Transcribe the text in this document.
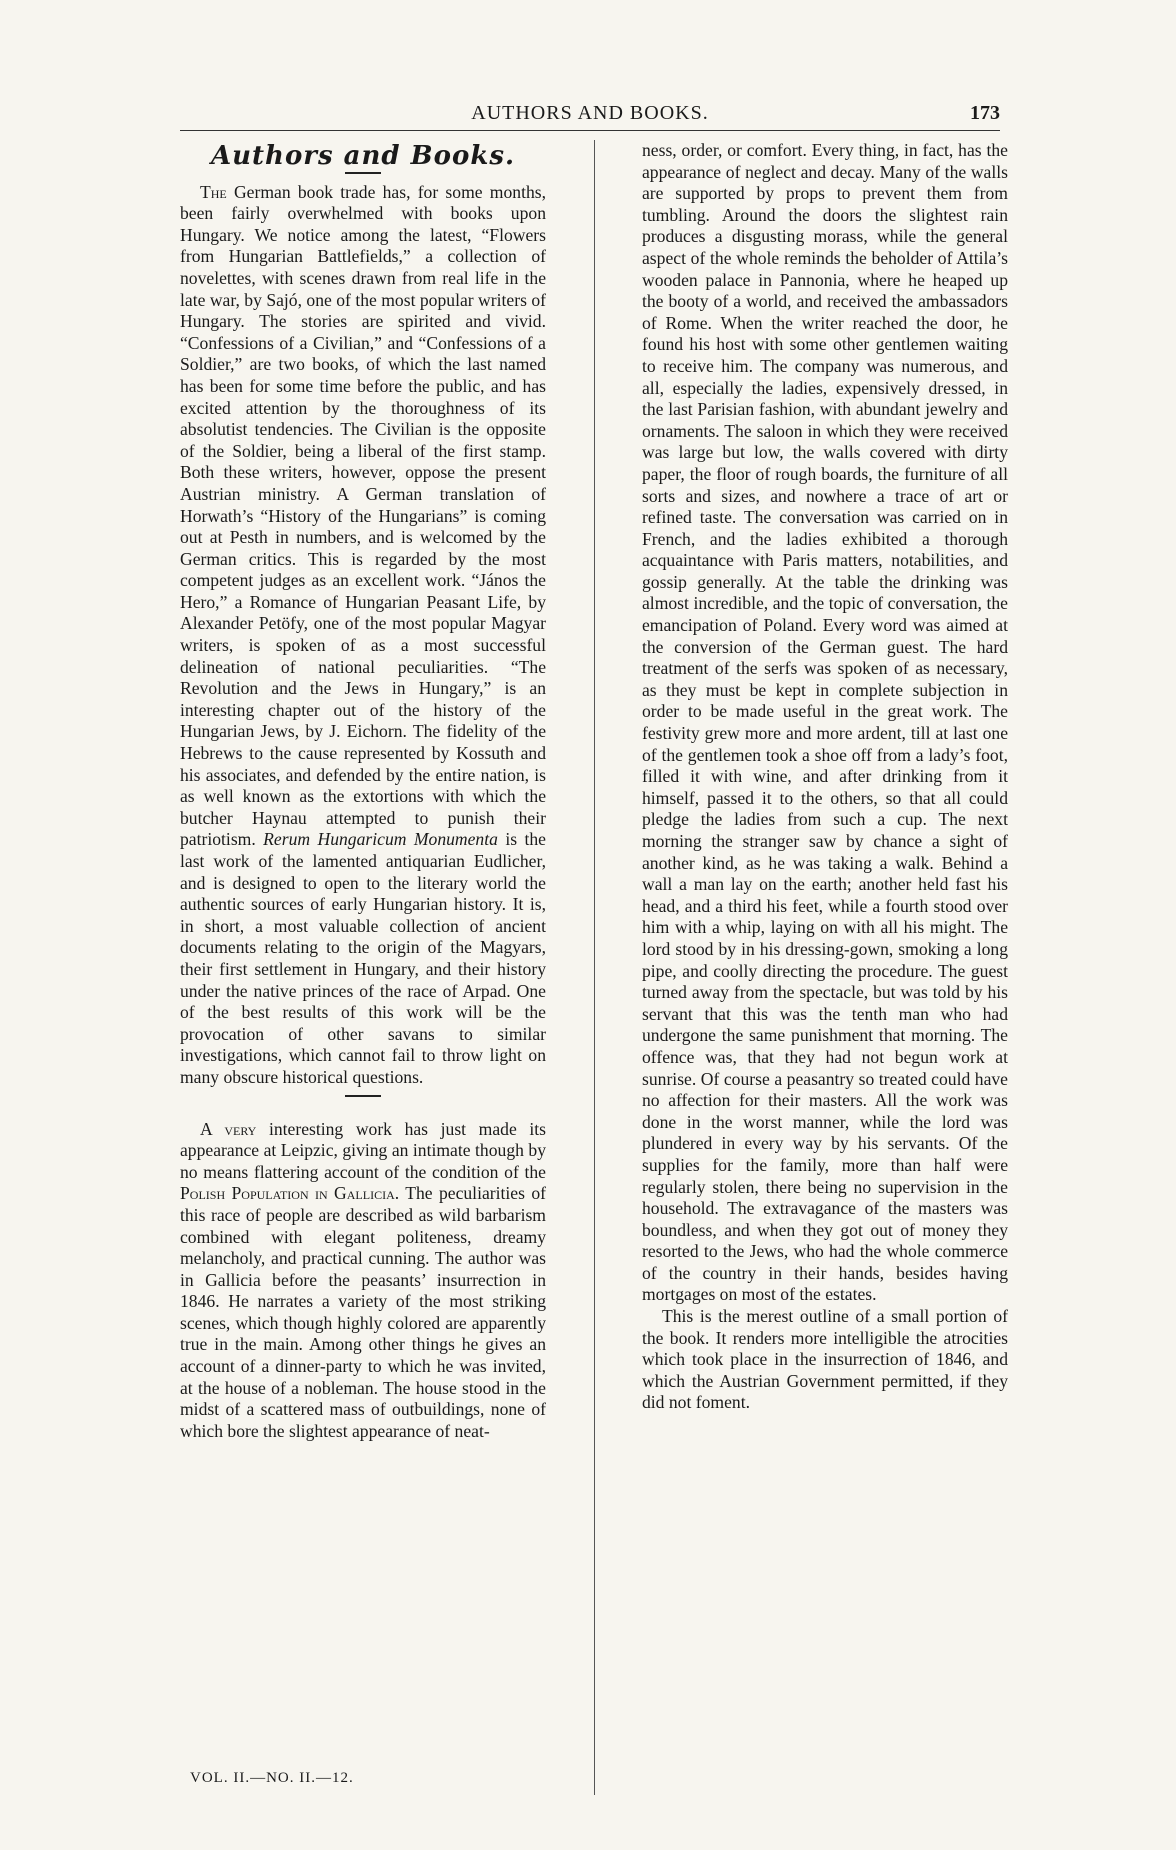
AUTHORS AND BOOKS.	173
Authors and Books.

The German book trade has, for some months, been fairly overwhelmed with books upon Hungary. We notice among the latest, “Flowers from Hungarian Battlefields,” a collection of novelettes, with scenes drawn from real life in the late war, by Sajó, one of the most popular writers of Hungary. The stories are spirited and vivid. “Confessions of a Civilian,” and “Confessions of a Soldier,” are two books, of which the last named has been for some time before the public, and has excited attention by the thoroughness of its absolutist tendencies. The Civilian is the opposite of the Soldier, being a liberal of the first stamp. Both these writers, however, oppose the present Austrian ministry. A German translation of Horwath’s “History of the Hungarians” is coming out at Pesth in numbers, and is welcomed by the German critics. This is regarded by the most competent judges as an excellent work. “János the Hero,” a Romance of Hungarian Peasant Life, by Alexander Petöfy, one of the most popular Magyar writers, is spoken of as a most successful delineation of national peculiarities. “The Revolution and the Jews in Hungary,” is an interesting chapter out of the history of the Hungarian Jews, by J. Eichorn. The fidelity of the Hebrews to the cause represented by Kossuth and his associates, and defended by the entire nation, is as well known as the extortions with which the butcher Haynau attempted to punish their patriotism. Rerum Hungaricum Monumenta is the last work of the lamented antiquarian Eudlicher, and is designed to open to the literary world the authentic sources of early Hungarian history. It is, in short, a most valuable collection of ancient documents relating to the origin of the Magyars, their first settlement in Hungary, and their history under the native princes of the race of Arpad. One of the best results of this work will be the provocation of other savans to similar investigations, which cannot fail to throw light on many obscure historical questions.

A very interesting work has just made its appearance at Leipzic, giving an intimate though by no means flattering account of the condition of the Polish Population in Gallicia. The peculiarities of this race of people are described as wild barbarism combined with elegant politeness, dreamy melancholy, and practical cunning. The author was in Gallicia before the peasants’ insurrection in 1846. He narrates a variety of the most striking scenes, which though highly colored are apparently true in the main. Among other things he gives an account of a dinner-party to which he was invited, at the house of a nobleman. The house stood in the midst of a scattered mass of outbuildings, none of which bore the slightest appearance of neat-

ness, order, or comfort. Every thing, in fact, has the appearance of neglect and decay. Many of the walls are supported by props to prevent them from tumbling. Around the doors the slightest rain produces a disgusting morass, while the general aspect of the whole reminds the beholder of Attila’s wooden palace in Pannonia, where he heaped up the booty of a world, and received the ambassadors of Rome. When the writer reached the door, he found his host with some other gentlemen waiting to receive him. The company was numerous, and all, especially the ladies, expensively dressed, in the last Parisian fashion, with abundant jewelry and ornaments. The saloon in which they were received was large but low, the walls covered with dirty paper, the floor of rough boards, the furniture of all sorts and sizes, and nowhere a trace of art or refined taste. The conversation was carried on in French, and the ladies exhibited a thorough acquaintance with Paris matters, notabilities, and gossip generally. At the table the drinking was almost incredible, and the topic of conversation, the emancipation of Poland. Every word was aimed at the conversion of the German guest. The hard treatment of the serfs was spoken of as necessary, as they must be kept in complete subjection in order to be made useful in the great work. The festivity grew more and more ardent, till at last one of the gentlemen took a shoe off from a lady’s foot, filled it with wine, and after drinking from it himself, passed it to the others, so that all could pledge the ladies from such a cup. The next morning the stranger saw by chance a sight of another kind, as he was taking a walk. Behind a wall a man lay on the earth; another held fast his head, and a third his feet, while a fourth stood over him with a whip, laying on with all his might. The lord stood by in his dressing-gown, smoking a long pipe, and coolly directing the procedure. The guest turned away from the spectacle, but was told by his servant that this was the tenth man who had undergone the same punishment that morning. The offence was, that they had not begun work at sunrise. Of course a peasantry so treated could have no affection for their masters. All the work was done in the worst manner, while the lord was plundered in every way by his servants. Of the supplies for the family, more than half were regularly stolen, there being no supervision in the household. The extravagance of the masters was boundless, and when they got out of money they resorted to the Jews, who had the whole commerce of the country in their hands, besides having mortgages on most of the estates.

This is the merest outline of a small portion of the book. It renders more intelligible the atrocities which took place in the insurrection of 1846, and which the Austrian Government permitted, if they did not foment.

VOL. II.—NO. II.—12.
